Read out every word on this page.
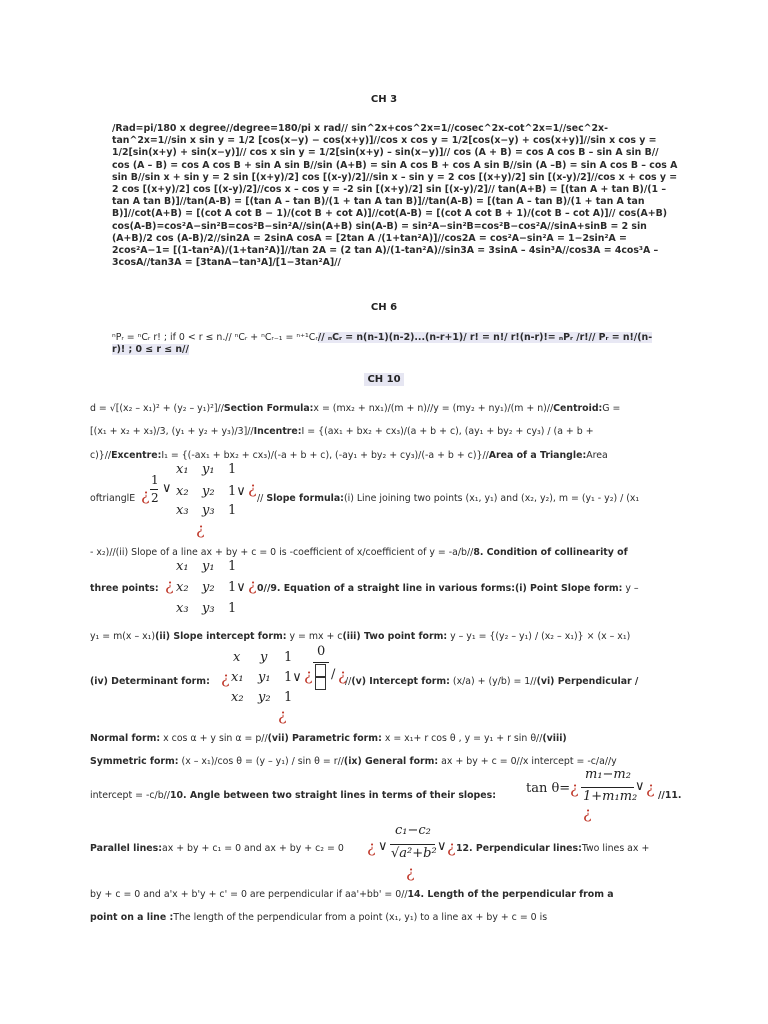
CH 3
/Rad=pi/180 x degree//degree=180/pi x rad// sin^2x+cos^2x=1//cosec^2x-cot^2x=1//sec^2x-tan^2x=1//sin x sin y = 1/2 [cos(x−y) − cos(x+y)]//cos x cos y = 1/2[cos(x−y) + cos(x+y)]//sin x cos y = 1/2[sin(x+y) + sin(x−y)]// cos x sin y = 1/2[sin(x+y) – sin(x−y)]// cos (A + B) = cos A cos B – sin A sin B// cos (A – B) = cos A cos B + sin A sin B//sin (A+B) = sin A cos B + cos A sin B//sin (A –B) = sin A cos B – cos A sin B//sin x + sin y = 2 sin [(x+y)/2] cos [(x-y)/2]//sin x – sin y = 2 cos [(x+y)/2] sin [(x-y)/2]//cos x + cos y = 2 cos [(x+y)/2] cos [(x-y)/2]//cos x – cos y = -2 sin [(x+y)/2] sin [(x-y)/2]// tan(A+B) = [(tan A + tan B)/(1 – tan A tan B)]//tan(A-B) = [(tan A – tan B)/(1 + tan A tan B)]//tan(A-B) = [(tan A – tan B)/(1 + tan A tan B)]//cot(A+B) = [(cot A cot B − 1)/(cot B + cot A)]//cot(A-B) = [(cot A cot B + 1)/(cot B – cot A)]// cos(A+B) cos(A-B)=cos²A−sin²B=cos²B−sin²A//sin(A+B) sin(A-B) = sin²A−sin²B=cos²B−cos²A//sinA+sinB = 2 sin (A+B)/2 cos (A-B)/2//sin2A = 2sinA cosA = [2tan A /(1+tan²A)]//cos2A = cos²A−sin²A = 1−2sin²A = 2cos²A−1= [(1-tan²A)/(1+tan²A)]//tan 2A = (2 tan A)/(1-tan²A)//sin3A = 3sinA – 4sin³A//cos3A = 4cos³A – 3cosA//tan3A = [3tanA−tan³A]/[1−3tan²A]//
CH 6
ⁿPᵣ = ⁿCᵣ r! ; if 0 < r ≤ n.// ⁿCᵣ + ⁿCᵣ₋₁ = ⁿ⁺¹Cᵣ// ₙCᵣ = n(n-1)(n-2)...(n-r+1)/ r! = n!/ r!(n-r)!= ₙPᵣ /r!// Pᵣ = n!/(n-
r)! ; 0 ≤ r ≤ n//
CH 10
d = √[(x₂ – x₁)² + (y₂ – y₁)²]//Section Formula:x = (mx₂ + nx₁)/(m + n)//y = (my₂ + ny₁)/(m + n)//Centroid:G =
[(x₁ + x₂ + x₃)/3, (y₁ + y₂ + y₃)/3]//Incentre:I = {(ax₁ + bx₂ + cx₃)/(a + b + c), (ay₁ + by₂ + cy₃) / (a + b +
c)}//Excentre:I₁ = {(-ax₁ + bx₂ + cx₃)/(-a + b + c), (-ay₁ + by₂ + cy₃)/(-a + b + c)}//Area of a Triangle:Area
oftrianglE ¿
1
2
∨
x₁ y₁ 1
x₂ y₂ 1∨ ¿
x₃ y₃ 1
¿
// Slope formula:(i) Line joining two points (x₁, y₁) and (x₂, y₂), m = (y₁ - y₂) / (x₁
- x₂)//(ii) Slope of a line ax + by + c = 0 is -coefficient of x/coefficient of y = -a/b//8. Condition of collinearity of
three points: ¿
x₁ y₁ 1
x₂ y₂ 1∨ ¿
x₃ y₃ 1
0//9. Equation of a straight line in various forms:(i) Point Slope form: y –
y₁ = m(x – x₁)(ii) Slope intercept form: y = mx + c(iii) Two point form: y – y₁ = {(y₂ – y₁) / (x₂ – x₁)} × (x – x₁)
(iv) Determinant form: ¿
x y 1
x₁ y₁ 1∨ ¿
x₂ y₂ 1
¿
0
/ ¿
//(v) Intercept form: (x/a) + (y/b) = 1//(vi) Perpendicular /
Normal form: x cos α + y sin α = p//(vii) Parametric form: x = x₁+ r cos θ , y = y₁ + r sin θ//(viii)
Symmetric form: (x – x₁)/cos θ = (y – y₁) / sin θ = r//(ix) General form: ax + by + c = 0//x intercept = -c/a//y
intercept = -c/b//10. Angle between two straight lines in terms of their slopes: tan θ= ¿
m₁−m₂
1+m₁m₂
∨ ¿
¿
//11.
Parallel lines:ax + by + c₁ = 0 and ax + by + c₂ = 0 ¿ ∨
c₁−c₂
√a²+b² ∨ ¿
¿
12. Perpendicular lines:Two lines ax +
by + c = 0 and a'x + b'y + c' = 0 are perpendicular if aa'+bb' = 0//14. Length of the perpendicular from a
point on a line :The length of the perpendicular from a point (x₁, y₁) to a line ax + by + c = 0 is
